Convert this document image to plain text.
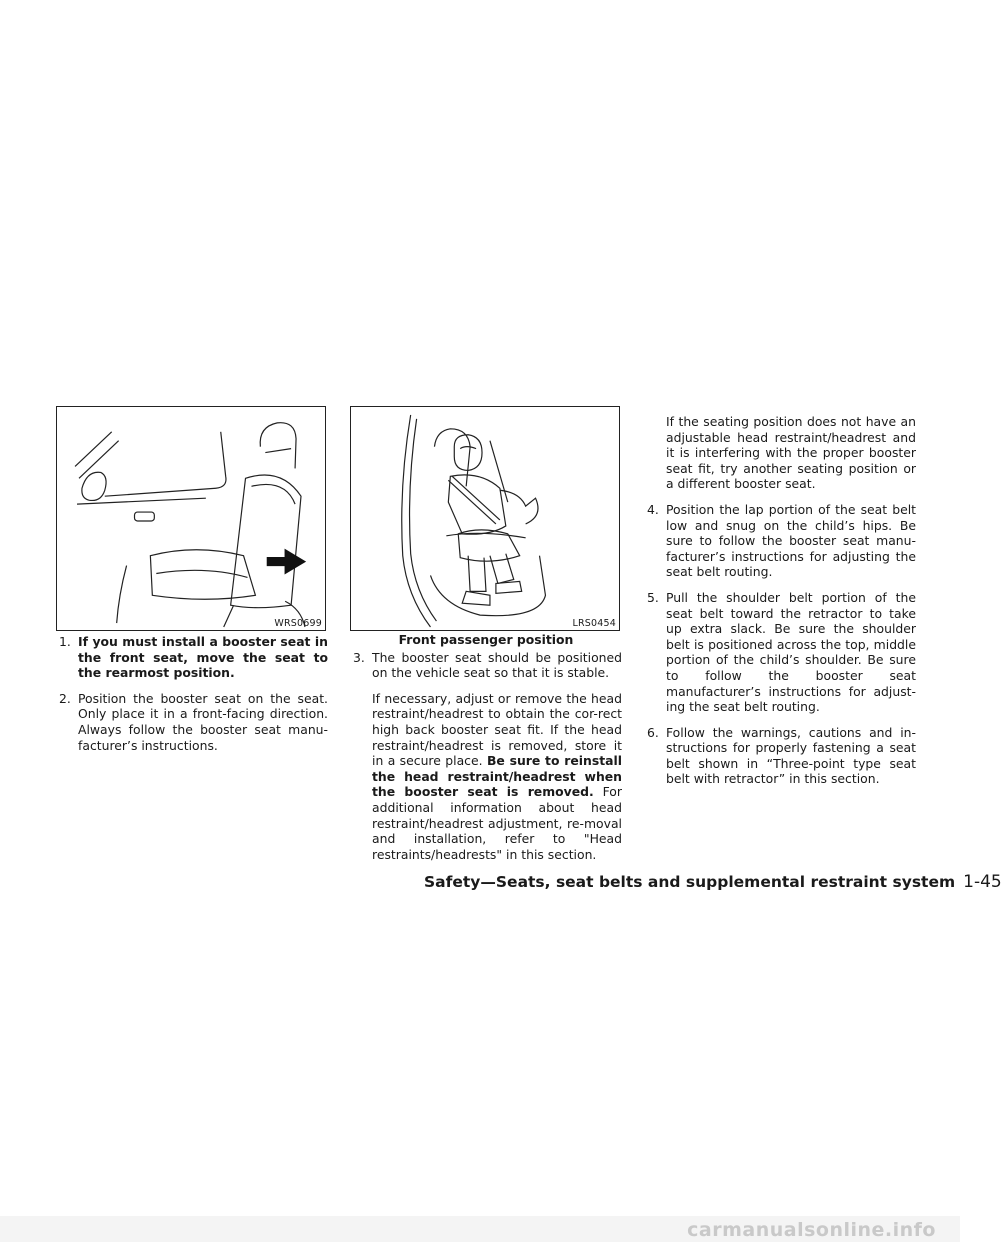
WRS0699	LRS0454
1. If you must install a booster seat in the front seat, move the seat to the rearmost position.
2. Position the booster seat on the seat. Only place it in a front-facing direction. Always follow the booster seat manu-facturer’s instructions.
Front passenger position
3. The booster seat should be positioned on the vehicle seat so that it is stable.
If necessary, adjust or remove the head restraint/headrest to obtain the cor-rect high back booster seat fit. If the head restraint/headrest is removed, store it in a secure place. Be sure to reinstall the head restraint/headrest when the booster seat is removed. For additional information about head restraint/headrest adjustment, re-moval and installation, refer to "Head restraints/headrests" in this section.
If the seating position does not have an adjustable head restraint/headrest and it is interfering with the proper booster seat fit, try another seating position or a different booster seat.
4. Position the lap portion of the seat belt low and snug on the child’s hips. Be sure to follow the booster seat manu-facturer’s instructions for adjusting the seat belt routing.
5. Pull the shoulder belt portion of the seat belt toward the retractor to take up extra slack. Be sure the shoulder belt is positioned across the top, middle portion of the child’s shoulder. Be sure to follow the booster seat manufacturer’s instructions for adjust-ing the seat belt routing.
6. Follow the warnings, cautions and in-structions for properly fastening a seat belt shown in “Three-point type seat belt with retractor” in this section.
Safety—Seats, seat belts and supplemental restraint system 1-45
carmanualsonline.info
